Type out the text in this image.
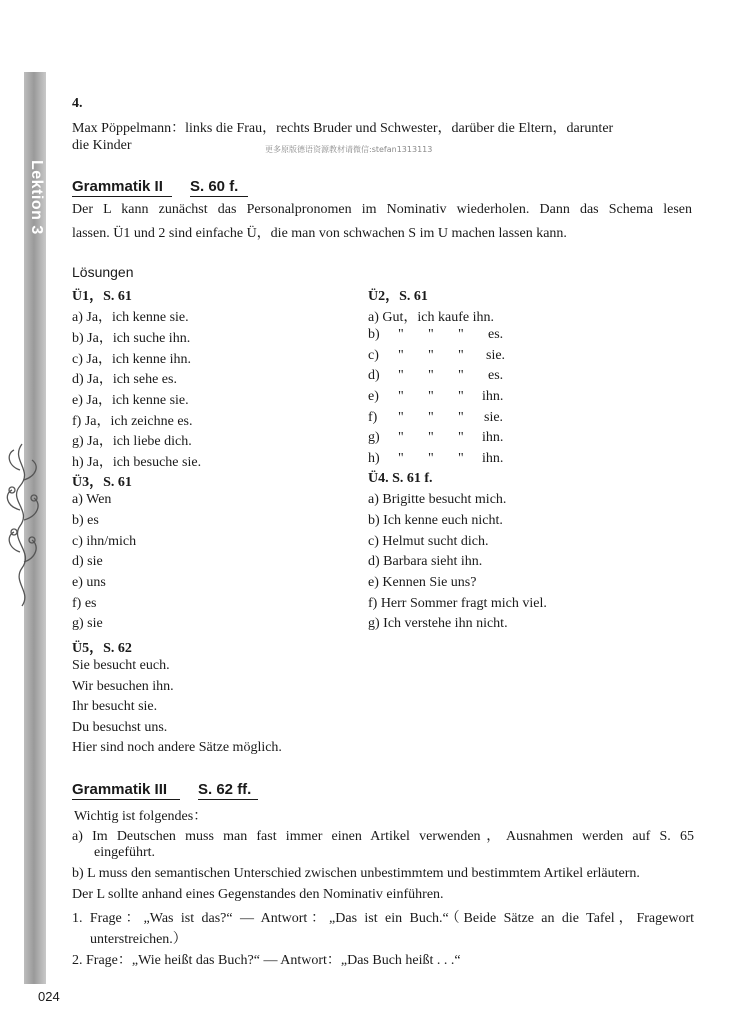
Lektion 3
4.
Max Pöppelmann：links die Frau，rechts Bruder und Schwester，darüber die Eltern，darunter
die Kinder	更多原版德语资源教材请微信:stefan1313113
Grammatik II	S. 60 f.
Der L kann zunächst das Personalpronomen im Nominativ wiederholen. Dann das Schema lesen
lassen. Ü1 und 2 sind einfache Ü，die man von schwachen S im U machen lassen kann.
Lösungen
Ü1，S. 61
a) Ja，ich kenne sie.
b) Ja，ich suche ihn.
c) Ja，ich kenne ihn.
d) Ja，ich sehe es.
e) Ja，ich kenne sie.
f) Ja，ich zeichne es.
g) Ja，ich liebe dich.
h) Ja，ich besuche sie.
Ü2，S. 61
a) Gut，ich kaufe ihn.
b) " " " es.
c) " " " sie.
d) " " " es.
e) " " " ihn.
f) " " " sie.
g) " " " ihn.
h) " " " ihn.
Ü3，S. 61
a) Wen
b) es
c) ihn/mich
d) sie
e) uns
f) es
g) sie
Ü4. S. 61 f.
a) Brigitte besucht mich.
b) Ich kenne euch nicht.
c) Helmut sucht dich.
d) Barbara sieht ihn.
e) Kennen Sie uns?
f) Herr Sommer fragt mich viel.
g) Ich verstehe ihn nicht.
Ü5，S. 62
Sie besucht euch.
Wir besuchen ihn.
Ihr besucht sie.
Du besuchst uns.
Hier sind noch andere Sätze möglich.
Grammatik III	S. 62 ff.
Wichtig ist folgendes：
a) Im Deutschen muss man fast immer einen Artikel verwenden，Ausnahmen werden auf S. 65
eingeführt.
b) L muss den semantischen Unterschied zwischen unbestimmtem und bestimmtem Artikel erläutern.
Der L sollte anhand eines Gegenstandes den Nominativ einführen.
1. Frage：„Was ist das?“ — Antwort：„Das ist ein Buch.“（Beide Sätze an die Tafel，Fragewort
unterstreichen.）
2. Frage：„Wie heißt das Buch?“ — Antwort：„Das Buch heißt . . .“
024
